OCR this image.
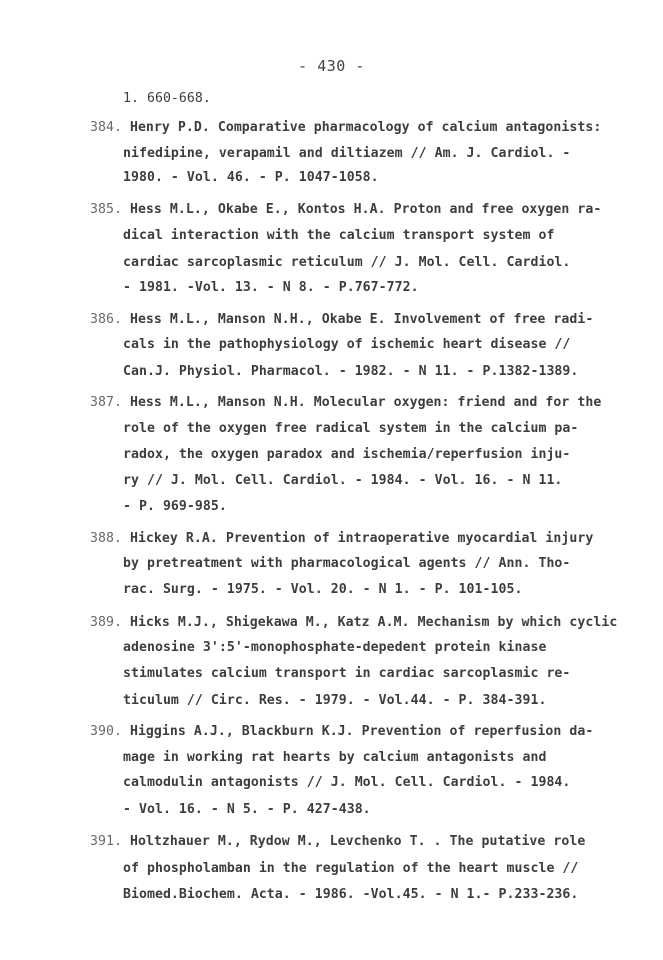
- 430 -
1. 660-668.
384. Henry P.D. Comparative pharmacology of calcium antagonists:
nifedipine, verapamil and diltiazem // Am. J. Cardiol. -
1980. - Vol. 46. - P. 1047-1058.
385. Hess M.L., Okabe E., Kontos H.A. Proton and free oxygen ra-
dical interaction with the calcium transport system of
cardiac sarcoplasmic reticulum // J. Mol. Cell. Cardiol.
- 1981. -Vol. 13. - N 8. - P.767-772.
386. Hess M.L., Manson N.H., Okabe E. Involvement of free radi-
cals in the pathophysiology of ischemic heart disease //
Can.J. Physiol. Pharmacol. - 1982. - N 11. - P.1382-1389.
387. Hess M.L., Manson N.H. Molecular oxygen: friend and for the
role of the oxygen free radical system in the calcium pa-
radox, the oxygen paradox and ischemia/reperfusion inju-
ry // J. Mol. Cell. Cardiol. - 1984. - Vol. 16. - N 11.
- P. 969-985.
388. Hickey R.A. Prevention of intraoperative myocardial injury
by pretreatment with pharmacological agents // Ann. Tho-
rac. Surg. - 1975. - Vol. 20. - N 1. - P. 101-105.
389. Hicks M.J., Shigekawa M., Katz A.M. Mechanism by which cyclic
adenosine 3':5'-monophosphate-depedent protein kinase
stimulates calcium transport in cardiac sarcoplasmic re-
ticulum // Circ. Res. - 1979. - Vol.44. - P. 384-391.
390. Higgins A.J., Blackburn K.J. Prevention of reperfusion da-
mage in working rat hearts by calcium antagonists and
calmodulin antagonists // J. Mol. Cell. Cardiol. - 1984.
- Vol. 16. - N 5. - P. 427-438.
391. Holtzhauer M., Rydow M., Levchenko T. . The putative role
of phospholamban in the regulation of the heart muscle //
Biomed.Biochem. Acta. - 1986. -Vol.45. - N 1.- P.233-236.
